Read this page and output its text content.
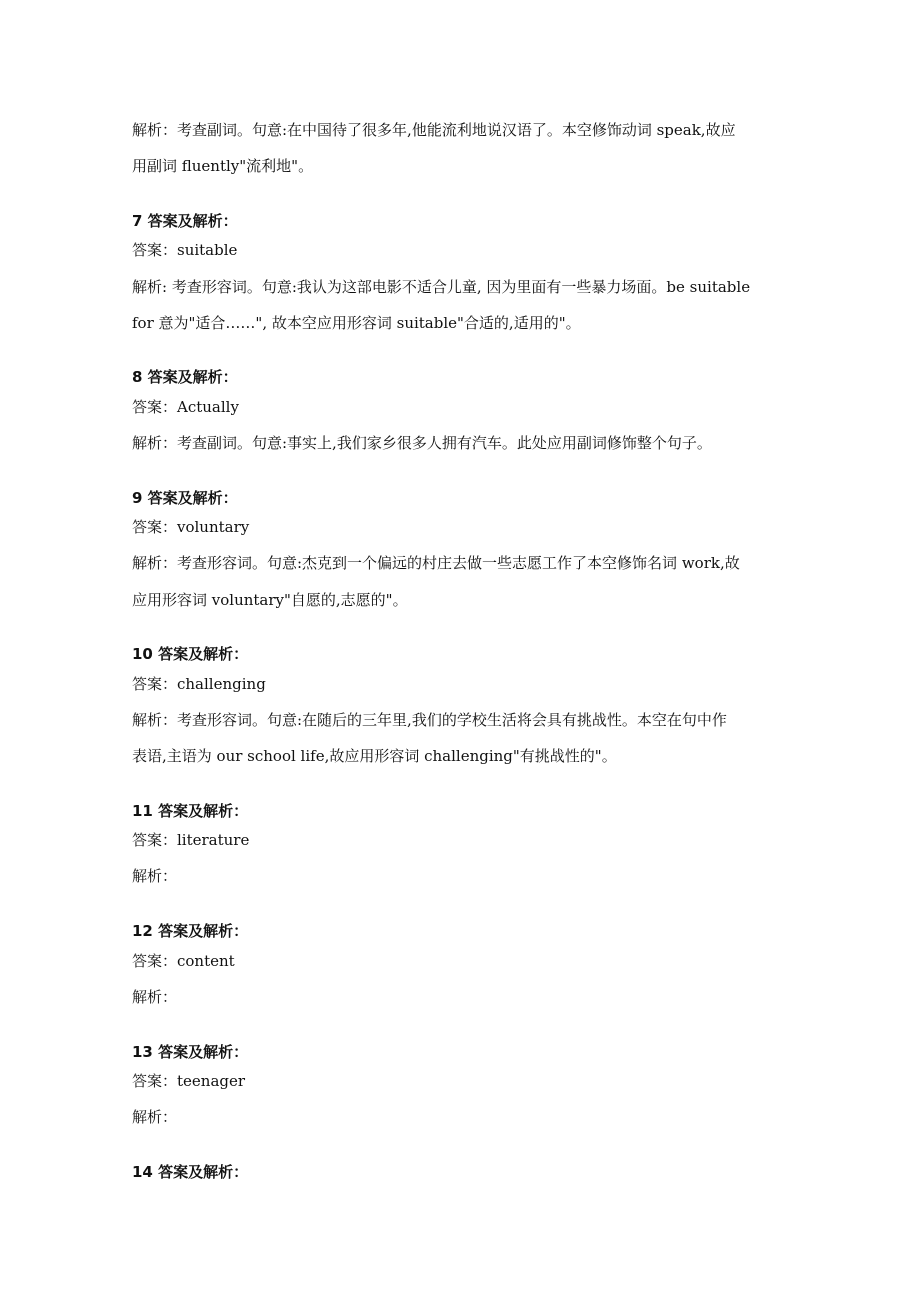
解析：考查副词。句意:在中国待了很多年,他能流利地说汉语了。本空修饰动词 speak,故应
用副词 fluently"流利地"。
7 答案及解析：
答案：suitable
解析: 考查形容词。句意:我认为这部电影不适合儿童, 因为里面有一些暴力场面。be suitable
for 意为"适合……", 故本空应用形容词 suitable"合适的,适用的"。
8 答案及解析：
答案：Actually
解析：考查副词。句意:事实上,我们家乡很多人拥有汽车。此处应用副词修饰整个句子。
9 答案及解析：
答案：voluntary
解析：考查形容词。句意:杰克到一个偏远的村庄去做一些志愿工作了本空修饰名词 work,故
应用形容词 voluntary"自愿的,志愿的"。
10 答案及解析：
答案：challenging
解析：考查形容词。句意:在随后的三年里,我们的学校生活将会具有挑战性。本空在句中作
表语,主语为 our school life,故应用形容词 challenging"有挑战性的"。
11 答案及解析：
答案：literature
解析：
12 答案及解析：
答案：content
解析：
13 答案及解析：
答案：teenager
解析：
14 答案及解析：
